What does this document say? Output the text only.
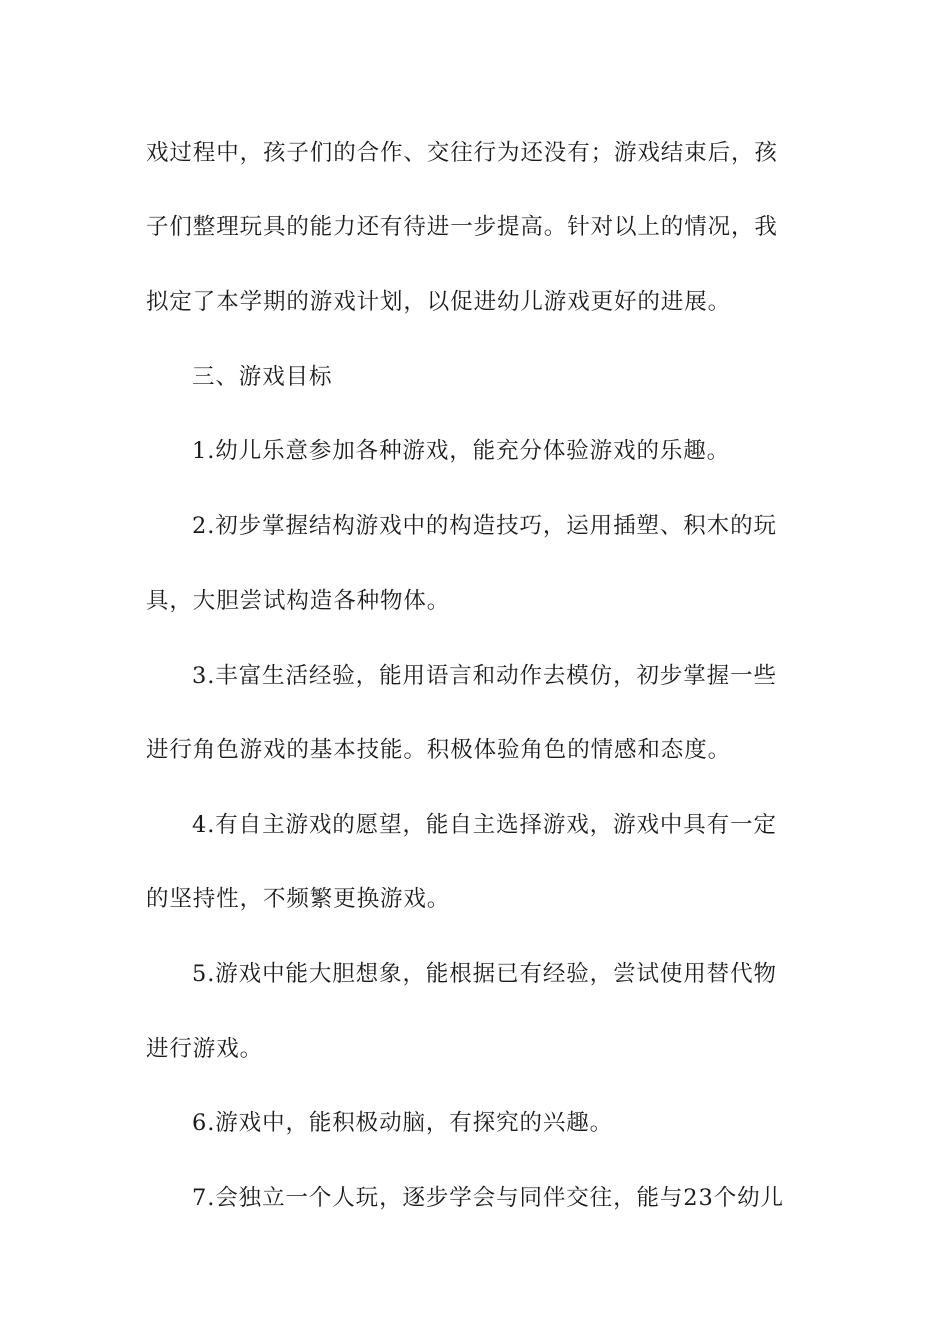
戏过程中，孩子们的合作、交往行为还没有；游戏结束后，孩
子们整理玩具的能力还有待进一步提高。针对以上的情况，我
拟定了本学期的游戏计划，以促进幼儿游戏更好的进展。
三、游戏目标
1.幼儿乐意参加各种游戏，能充分体验游戏的乐趣。
2.初步掌握结构游戏中的构造技巧，运用插塑、积木的玩
具，大胆尝试构造各种物体。
3.丰富生活经验，能用语言和动作去模仿，初步掌握一些
进行角色游戏的基本技能。积极体验角色的情感和态度。
4.有自主游戏的愿望，能自主选择游戏，游戏中具有一定
的坚持性，不频繁更换游戏。
5.游戏中能大胆想象，能根据已有经验，尝试使用替代物
进行游戏。
6.游戏中，能积极动脑，有探究的兴趣。
7.会独立一个人玩，逐步学会与同伴交往，能与23个幼儿
